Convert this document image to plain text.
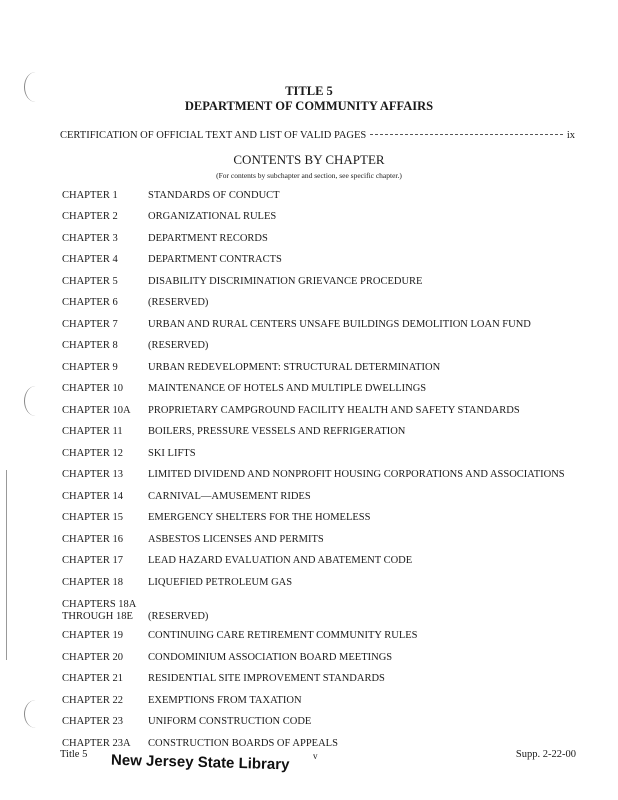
TITLE 5
DEPARTMENT OF COMMUNITY AFFAIRS
CERTIFICATION OF OFFICIAL TEXT AND LIST OF VALID PAGES	ix
CONTENTS BY CHAPTER
(For contents by subchapter and section, see specific chapter.)
CHAPTER 1	STANDARDS OF CONDUCT
CHAPTER 2	ORGANIZATIONAL RULES
CHAPTER 3	DEPARTMENT RECORDS
CHAPTER 4	DEPARTMENT CONTRACTS
CHAPTER 5	DISABILITY DISCRIMINATION GRIEVANCE PROCEDURE
CHAPTER 6	(RESERVED)
CHAPTER 7	URBAN AND RURAL CENTERS UNSAFE BUILDINGS DEMOLITION LOAN FUND
CHAPTER 8	(RESERVED)
CHAPTER 9	URBAN REDEVELOPMENT: STRUCTURAL DETERMINATION
CHAPTER 10	MAINTENANCE OF HOTELS AND MULTIPLE DWELLINGS
CHAPTER 10A	PROPRIETARY CAMPGROUND FACILITY HEALTH AND SAFETY STANDARDS
CHAPTER 11	BOILERS, PRESSURE VESSELS AND REFRIGERATION
CHAPTER 12	SKI LIFTS
CHAPTER 13	LIMITED DIVIDEND AND NONPROFIT HOUSING CORPORATIONS AND ASSOCIATIONS
CHAPTER 14	CARNIVAL—AMUSEMENT RIDES
CHAPTER 15	EMERGENCY SHELTERS FOR THE HOMELESS
CHAPTER 16	ASBESTOS LICENSES AND PERMITS
CHAPTER 17	LEAD HAZARD EVALUATION AND ABATEMENT CODE
CHAPTER 18	LIQUEFIED PETROLEUM GAS
CHAPTERS 18A
THROUGH 18E	(RESERVED)
CHAPTER 19	CONTINUING CARE RETIREMENT COMMUNITY RULES
CHAPTER 20	CONDOMINIUM ASSOCIATION BOARD MEETINGS
CHAPTER 21	RESIDENTIAL SITE IMPROVEMENT STANDARDS
CHAPTER 22	EXEMPTIONS FROM TAXATION
CHAPTER 23	UNIFORM CONSTRUCTION CODE
CHAPTER 23A	CONSTRUCTION BOARDS OF APPEALS
Title 5	v	Supp. 2-22-00
New Jersey State Library
